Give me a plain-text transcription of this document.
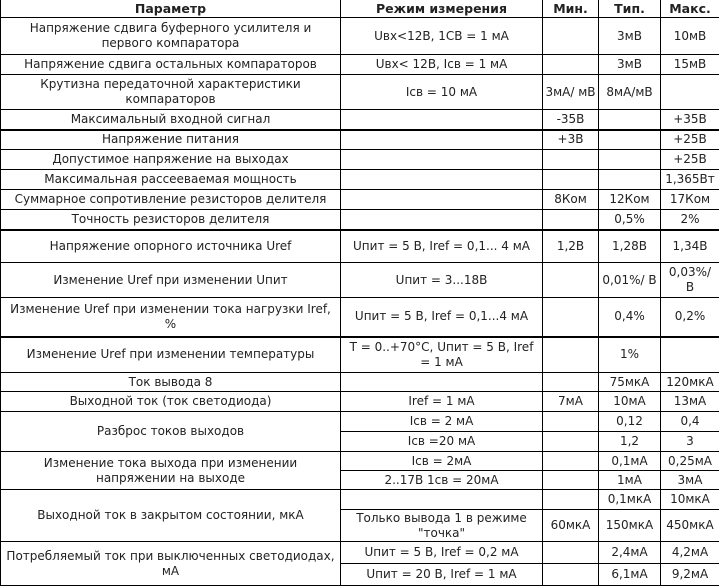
Параметр	Режим измерения	Мин.	Тип.	Макс.
Напряжение сдвига буферного усилителя и первого компаратора	Uвх<12В, 1СВ = 1 мА		3мВ	10мВ
Напряжение сдвига остальных компараторов	Uвх< 12В, Iсв = 1 мА		3мВ	15мВ
Крутизна передаточной характеристики компараторов	Iсв = 10 мА	3мА/ мВ	8мА/мВ	
Максимальный входной сигнал		-35В		+35В
Напряжение питания		+3В		+25В
Допустимое напряжение на выходах				+25В
Максимальная рассеeваемая мощность				1,365Вт
Суммарное сопротивление резисторов делителя		8Ком	12Ком	17Ком
Точность резисторов делителя			0,5%	2%
Напряжение опорного источника Uref	Uпит = 5 В, Iref = 0,1... 4 мА	1,2В	1,28В	1,34В
Изменение Uref при изменении Uпит	Uпит = 3...18В		0,01%/ В	0,03%/ В
Изменение Uref при изменении тока нагрузки Iref, %	Uпит = 5 В, Iref = 0,1...4 мА		0,4%	0,2%
Изменение Uref при изменении температуры	T = 0..+70°C, Uпит = 5 В, Iref = 1 мА		1%	
Ток вывода 8			75мкА	120мкА
Выходной ток (ток светодиода)	Iref = 1 мА	7мА	10мА	13мА
Разброс токов выходов	Iсв = 2 мА		0,12	0,4
	Iсв =20 мА		1,2	3
Изменение тока выхода при изменении напряжении на выходе	Iсв = 2мА		0,1мА	0,25мА
	2..17В 1св = 20мА		1мА	3мА
Выходной ток в закрытом состоянии, мкА			0,1мкА	10мкА
	Только вывода 1 в режиме "точка"	60мкА	150мкА	450мкА
Потребляемый ток при выключенных светодиодах, мА	Uпит = 5 В, Iref = 0,2 мА		2,4мА	4,2мА
	Uпит = 20 В, Iref = 1 мА		6,1мА	9,2мА
